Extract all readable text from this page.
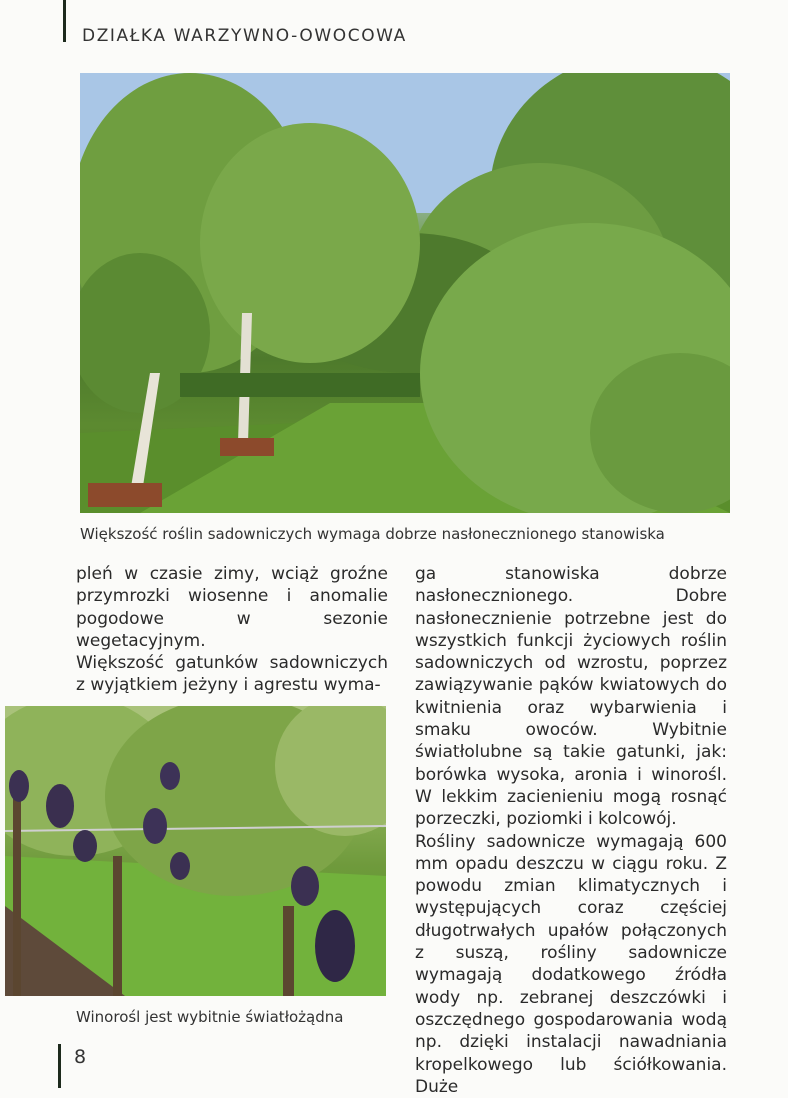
DZIAŁKA WARZYWNO-OWOCOWA
Większość roślin sadowniczych wymaga dobrze nasłonecznionego stanowiska

pleń w czasie zimy, wciąż groźne przymrozki wiosenne i anomalie pogodowe w sezonie wegetacyjnym.

Większość gatunków sadowniczych z wyjątkiem jeżyny i agrestu wyma-

ga stanowiska dobrze nasłonecznionego. Dobre nasłonecznienie potrzebne jest do wszystkich funkcji życiowych roślin sadowniczych od wzrostu, poprzez zawiązywanie pąków kwiatowych do kwitnienia oraz wybarwienia i smaku owoców. Wybitnie światłolubne są takie gatunki, jak: borówka wysoka, aronia i winorośl. W lekkim zacienieniu mogą rosnąć porzeczki, poziomki i kolcowój.

Rośliny sadownicze wymagają 600 mm opadu deszczu w ciągu roku. Z powodu zmian klimatycznych i występujących coraz częściej długotrwałych upałów połączonych z suszą, rośliny sadownicze wymagają dodatkowego źródła wody np. zebranej deszczówki i oszczędnego gospodarowania wodą np. dzięki instalacji nawadniania kropelkowego lub ściółkowania. Duże

Winorośl jest wybitnie światłożądna
8
